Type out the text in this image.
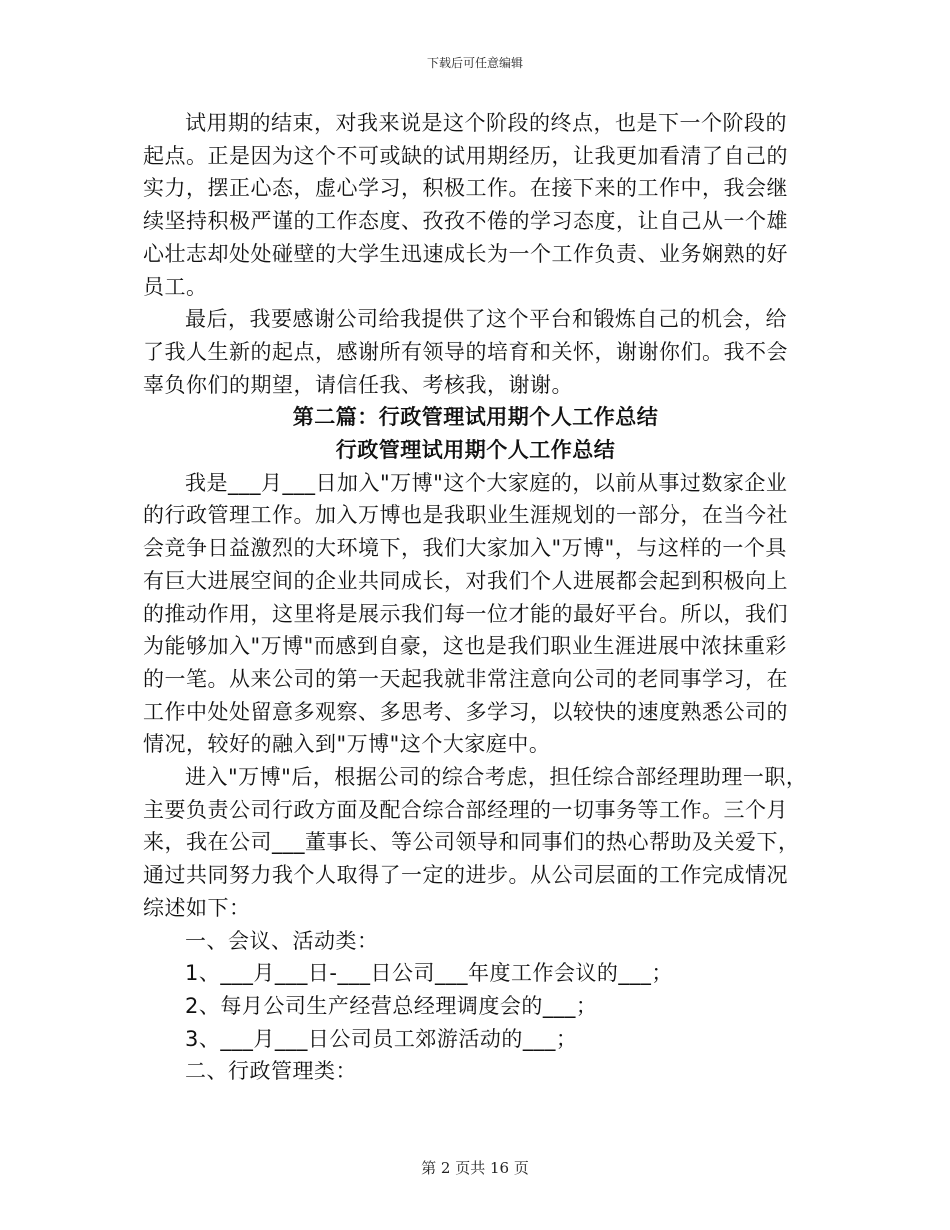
下载后可任意编辑

试用期的结束，对我来说是这个阶段的终点，也是下一个阶段的起点。正是因为这个不可或缺的试用期经历，让我更加看清了自己的实力，摆正心态，虚心学习，积极工作。在接下来的工作中，我会继续坚持积极严谨的工作态度、孜孜不倦的学习态度，让自己从一个雄心壮志却处处碰壁的大学生迅速成长为一个工作负责、业务娴熟的好员工。

最后，我要感谢公司给我提供了这个平台和锻炼自己的机会，给了我人生新的起点，感谢所有领导的培育和关怀，谢谢你们。我不会辜负你们的期望，请信任我、考核我，谢谢。

第二篇：行政管理试用期个人工作总结

行政管理试用期个人工作总结

我是___月___日加入"万博"这个大家庭的，以前从事过数家企业的行政管理工作。加入万博也是我职业生涯规划的一部分，在当今社会竞争日益激烈的大环境下，我们大家加入"万博"，与这样的一个具有巨大进展空间的企业共同成长，对我们个人进展都会起到积极向上的推动作用，这里将是展示我们每一位才能的最好平台。所以，我们为能够加入"万博"而感到自豪，这也是我们职业生涯进展中浓抹重彩的一笔。从来公司的第一天起我就非常注意向公司的老同事学习，在工作中处处留意多观察、多思考、多学习，以较快的速度熟悉公司的情况，较好的融入到"万博"这个大家庭中。

进入"万博"后，根据公司的综合考虑，担任综合部经理助理一职，主要负责公司行政方面及配合综合部经理的一切事务等工作。三个月来，我在公司___董事长、等公司领导和同事们的热心帮助及关爱下，通过共同努力我个人取得了一定的进步。从公司层面的工作完成情况综述如下：

一、会议、活动类：

1、___月___日-___日公司___年度工作会议的___；

2、每月公司生产经营总经理调度会的___；

3、___月___日公司员工郊游活动的___；

二、行政管理类：

第 2 页共 16 页
